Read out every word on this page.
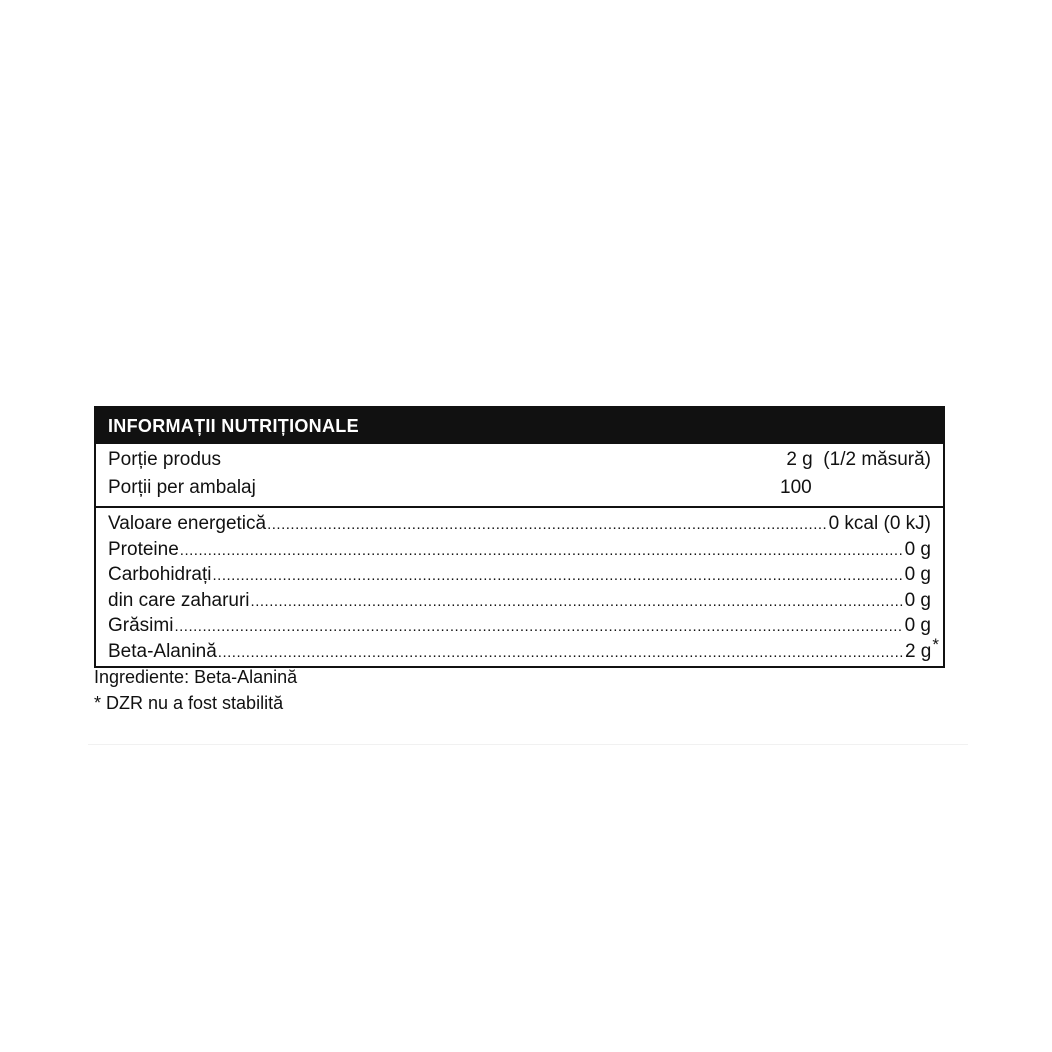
INFORMAȚII NUTRIȚIONALE
Porție produs	2 g  (1/2 măsură)
Porții per ambalaj	100
Valoare energetică .....	0 kcal (0 kJ)
Proteine .....	0 g
Carbohidrați .....	0 g
din care zaharuri .....	0 g
Grăsimi .....	0 g
Beta-Alanină .....	2 g *
Ingrediente: Beta-Alanină
* DZR nu a fost stabilită
